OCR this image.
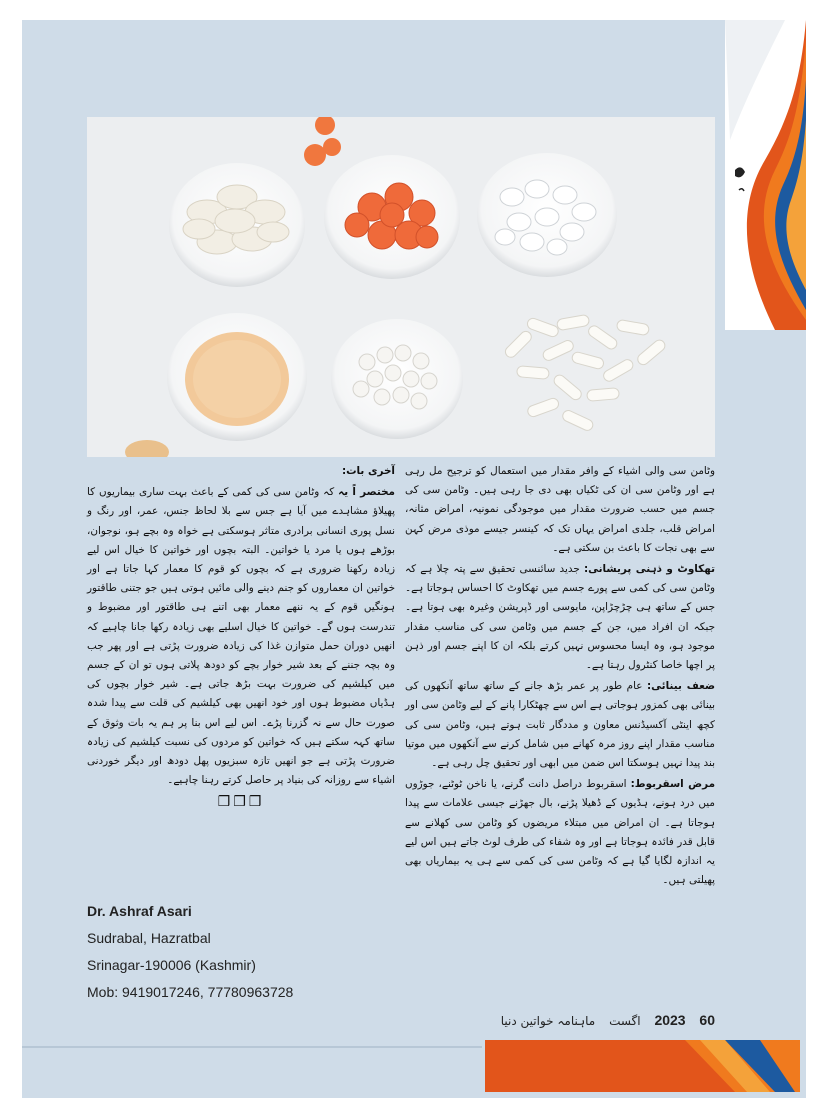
وٹامن سی والی اشیاء کے وافر مقدار میں استعمال کو ترجیح مل رہی ہے اور وٹامن سی ان کی ٹکیاں بھی دی جا رہی ہیں۔ وٹامن سی کی جسم میں حسب ضرورت مقدار میں موجودگی نمونیہ، امراض مثانہ، امراض قلب، جلدی امراض یہاں تک کہ کینسر جیسے موذی مرض کہن سے بھی نجات کا باعث بن سکتی ہے۔

تھکاوٹ و ذہنی پریشانی: جدید سائنسی تحقیق سے پتہ چلا ہے کہ وٹامن سی کی کمی سے پورے جسم میں تھکاوٹ کا احساس ہوجاتا ہے۔ جس کے ساتھ ہی چڑچڑاپن، مایوسی اور ڈپریشن وغیرہ بھی ہوتا ہے۔ جبکہ ان افراد میں، جن کے جسم میں وٹامن سی کی مناسب مقدار موجود ہو، وہ ایسا محسوس نہیں کرتے بلکہ ان کا اپنے جسم اور ذہن پر اچھا خاصا کنٹرول رہتا ہے۔

ضعف بینائی: عام طور پر عمر بڑھ جانے کے ساتھ ساتھ آنکھوں کی بینائی بھی کمزور ہوجاتی ہے اس سے چھٹکارا پانے کے لیے وٹامن سی اور کچھ اینٹی آکسیڈنس معاون و مددگار ثابت ہوتے ہیں، وٹامن سی کی مناسب مقدار اپنے روز مرہ کھانے میں شامل کرنے سے آنکھوں میں موتیا بند پیدا نہیں ہوسکتا اس ضمن میں ابھی اور تحقیق چل رہی ہے۔

مرض اسقربوط: اسقربوط دراصل دانت گرنے، یا ناخن ٹوٹنے، جوڑوں میں درد ہونے، ہڈیوں کے ڈھیلا پڑنے، بال جھڑنے جیسی علامات سے پیدا ہوجاتا ہے۔ ان امراض میں مبتلاء مریضوں کو وٹامن سی کھلانے سے قابل قدر فائدہ ہوجاتا ہے اور وہ شفاء کی طرف لوٹ جاتے ہیں اس لیے یہ اندازہ لگایا گیا ہے کہ وٹامن سی کی کمی سے ہی یہ بیماریاں بھی پھیلتی ہیں۔

آخری بات:

مختصر اً یہ کہ وٹامن سی کی کمی کے باعث بہت ساری بیماریوں کا پھیلاؤ مشاہدے میں آیا ہے جس سے بلا لحاظ جنس، عمر، اور رنگ و نسل پوری انسانی برادری متاثر ہوسکتی ہے خواہ وہ بچے ہو، نوجوان، بوڑھے ہوں یا مرد یا خواتین۔ البتہ بچوں اور خواتین کا خیال اس لیے زیادہ رکھنا ضروری ہے کہ بچوں کو قوم کا معمار کہا جاتا ہے اور خواتین ان معماروں کو جنم دینے والی مائیں ہوتی ہیں جو جتنی طاقتور ہونگیں قوم کے یہ ننھے معمار بھی اتنے ہی طاقتور اور مضبوط و تندرست ہوں گے۔ خواتین کا خیال اسلیے بھی زیادہ رکھا جانا چاہیے کہ انھیں دوران حمل متوازن غذا کی زیادہ ضرورت پڑتی ہے اور پھر جب وہ بچہ جننے کے بعد شیر خوار بچے کو دودھ پلاتی ہوں تو ان کے جسم میں کیلشیم کی ضرورت بہت بڑھ جاتی ہے۔ شیر خوار بچوں کی ہڈیاں مضبوط ہوں اور خود انھیں بھی کیلشیم کی قلت سے پیدا شدہ صورت حال سے نہ گزرنا پڑے۔ اس لیے اس بنا پر ہم یہ بات وثوق کے ساتھ کہہ سکتے ہیں کہ خواتین کو مردوں کی نسبت کیلشیم کی زیادہ ضرورت پڑتی ہے جو انھیں تازہ سبزیوں پھل دودھ اور دیگر خوردنی اشیاء سے روزانہ کی بنیاد پر حاصل کرتے رہنا چاہیے۔

❒❒❒
Dr. Ashraf Asari
Sudrabal, Hazratbal
Srinagar-190006 (Kashmir)
Mob: 9419017246, 77780963728
60 2023 اگست ماہنامہ خواتین دنیا
